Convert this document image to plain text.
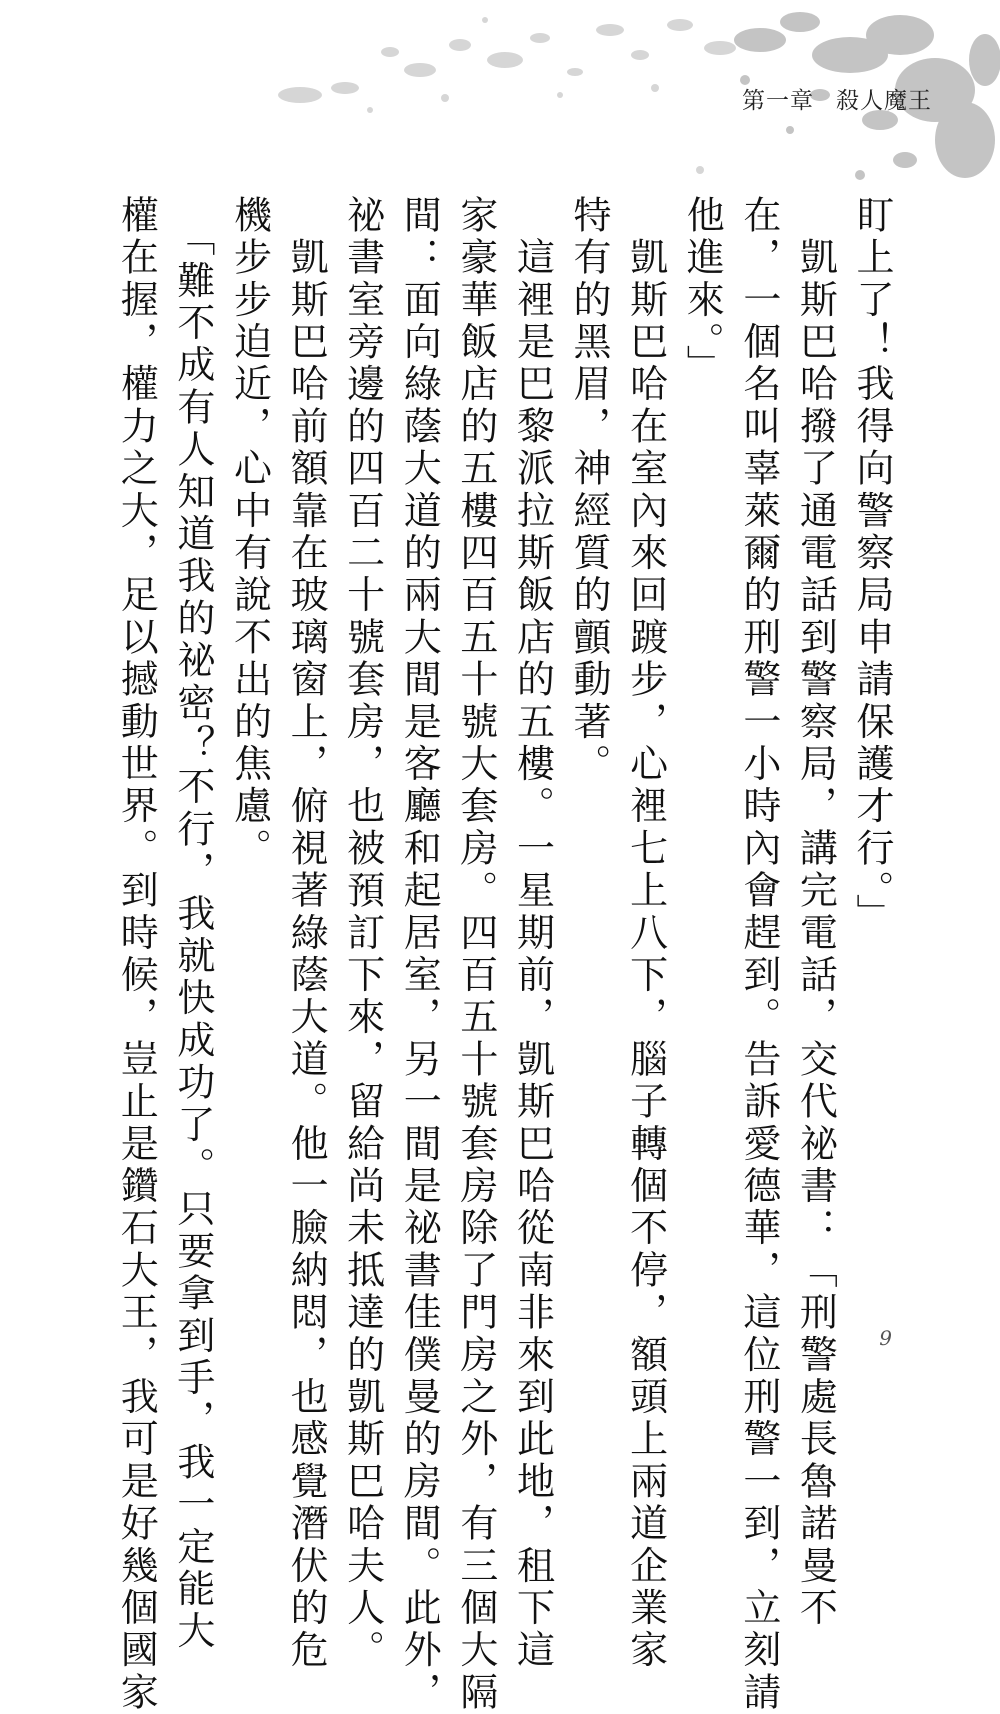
第一章 殺人魔王
盯上了！我得向警察局申請保護才行。」
　凱斯巴哈撥了通電話到警察局，講完電話，交代祕書：「刑警處長魯諾曼不
在，一個名叫辜萊爾的刑警一小時內會趕到。告訴愛德華，這位刑警一到，立刻請
他進來。」
　凱斯巴哈在室內來回踱步，心裡七上八下，腦子轉個不停，額頭上兩道企業家
特有的黑眉，神經質的顫動著。
　這裡是巴黎派拉斯飯店的五樓。一星期前，凱斯巴哈從南非來到此地，租下這
家豪華飯店的五樓四百五十號大套房。四百五十號套房除了門房之外，有三個大隔
間：面向綠蔭大道的兩大間是客廳和起居室，另一間是祕書佳僕曼的房間。此外，
祕書室旁邊的四百二十號套房，也被預訂下來，留給尚未抵達的凱斯巴哈夫人。
　凱斯巴哈前額靠在玻璃窗上，俯視著綠蔭大道。他一臉納悶，也感覺潛伏的危
機步步迫近，心中有說不出的焦慮。
　「難不成有人知道我的祕密？不行，我就快成功了。只要拿到手，我一定能大
權在握，權力之大，足以撼動世界。到時候，豈止是鑽石大王，我可是好幾個國家	9
